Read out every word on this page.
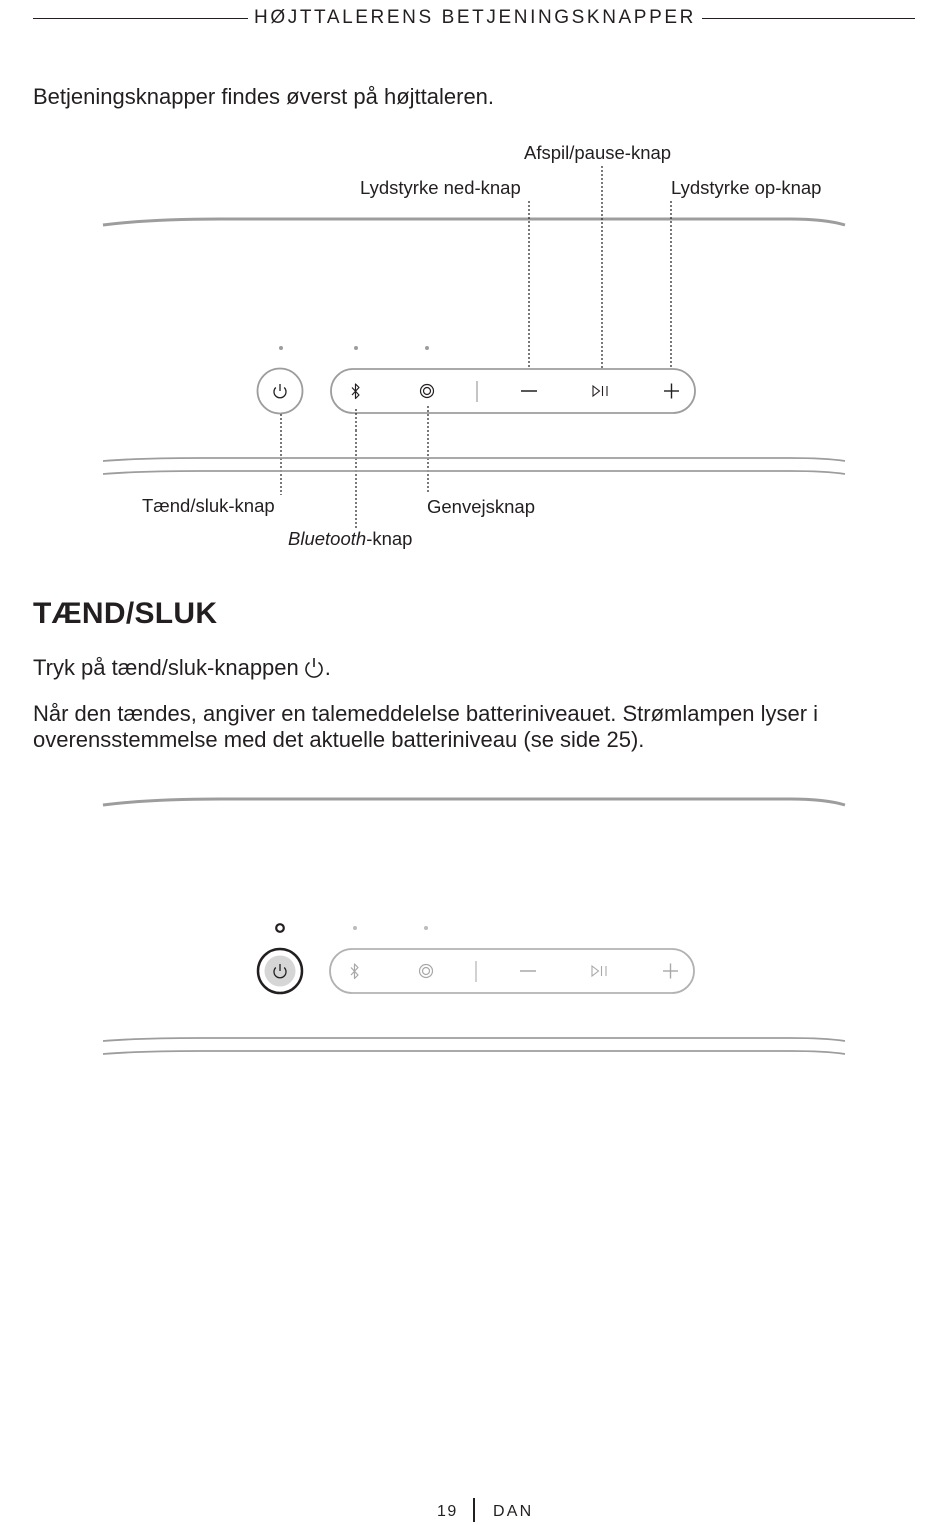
HØJTTALERENS BETJENINGSKNAPPER
Betjeningsknapper findes øverst på højttaleren.
Afspil/pause-knap
Lydstyrke ned-knap	Lydstyrke op-knap
Tænd/sluk-knap	Genvejsknap
Bluetooth-knap
TÆND/SLUK
Tryk på tænd/sluk-knappen .
Når den tændes, angiver en talemeddelelse batteriniveauet. Strømlampen lyser i overensstemmelse med det aktuelle batteriniveau (se side 25).
19 DAN
